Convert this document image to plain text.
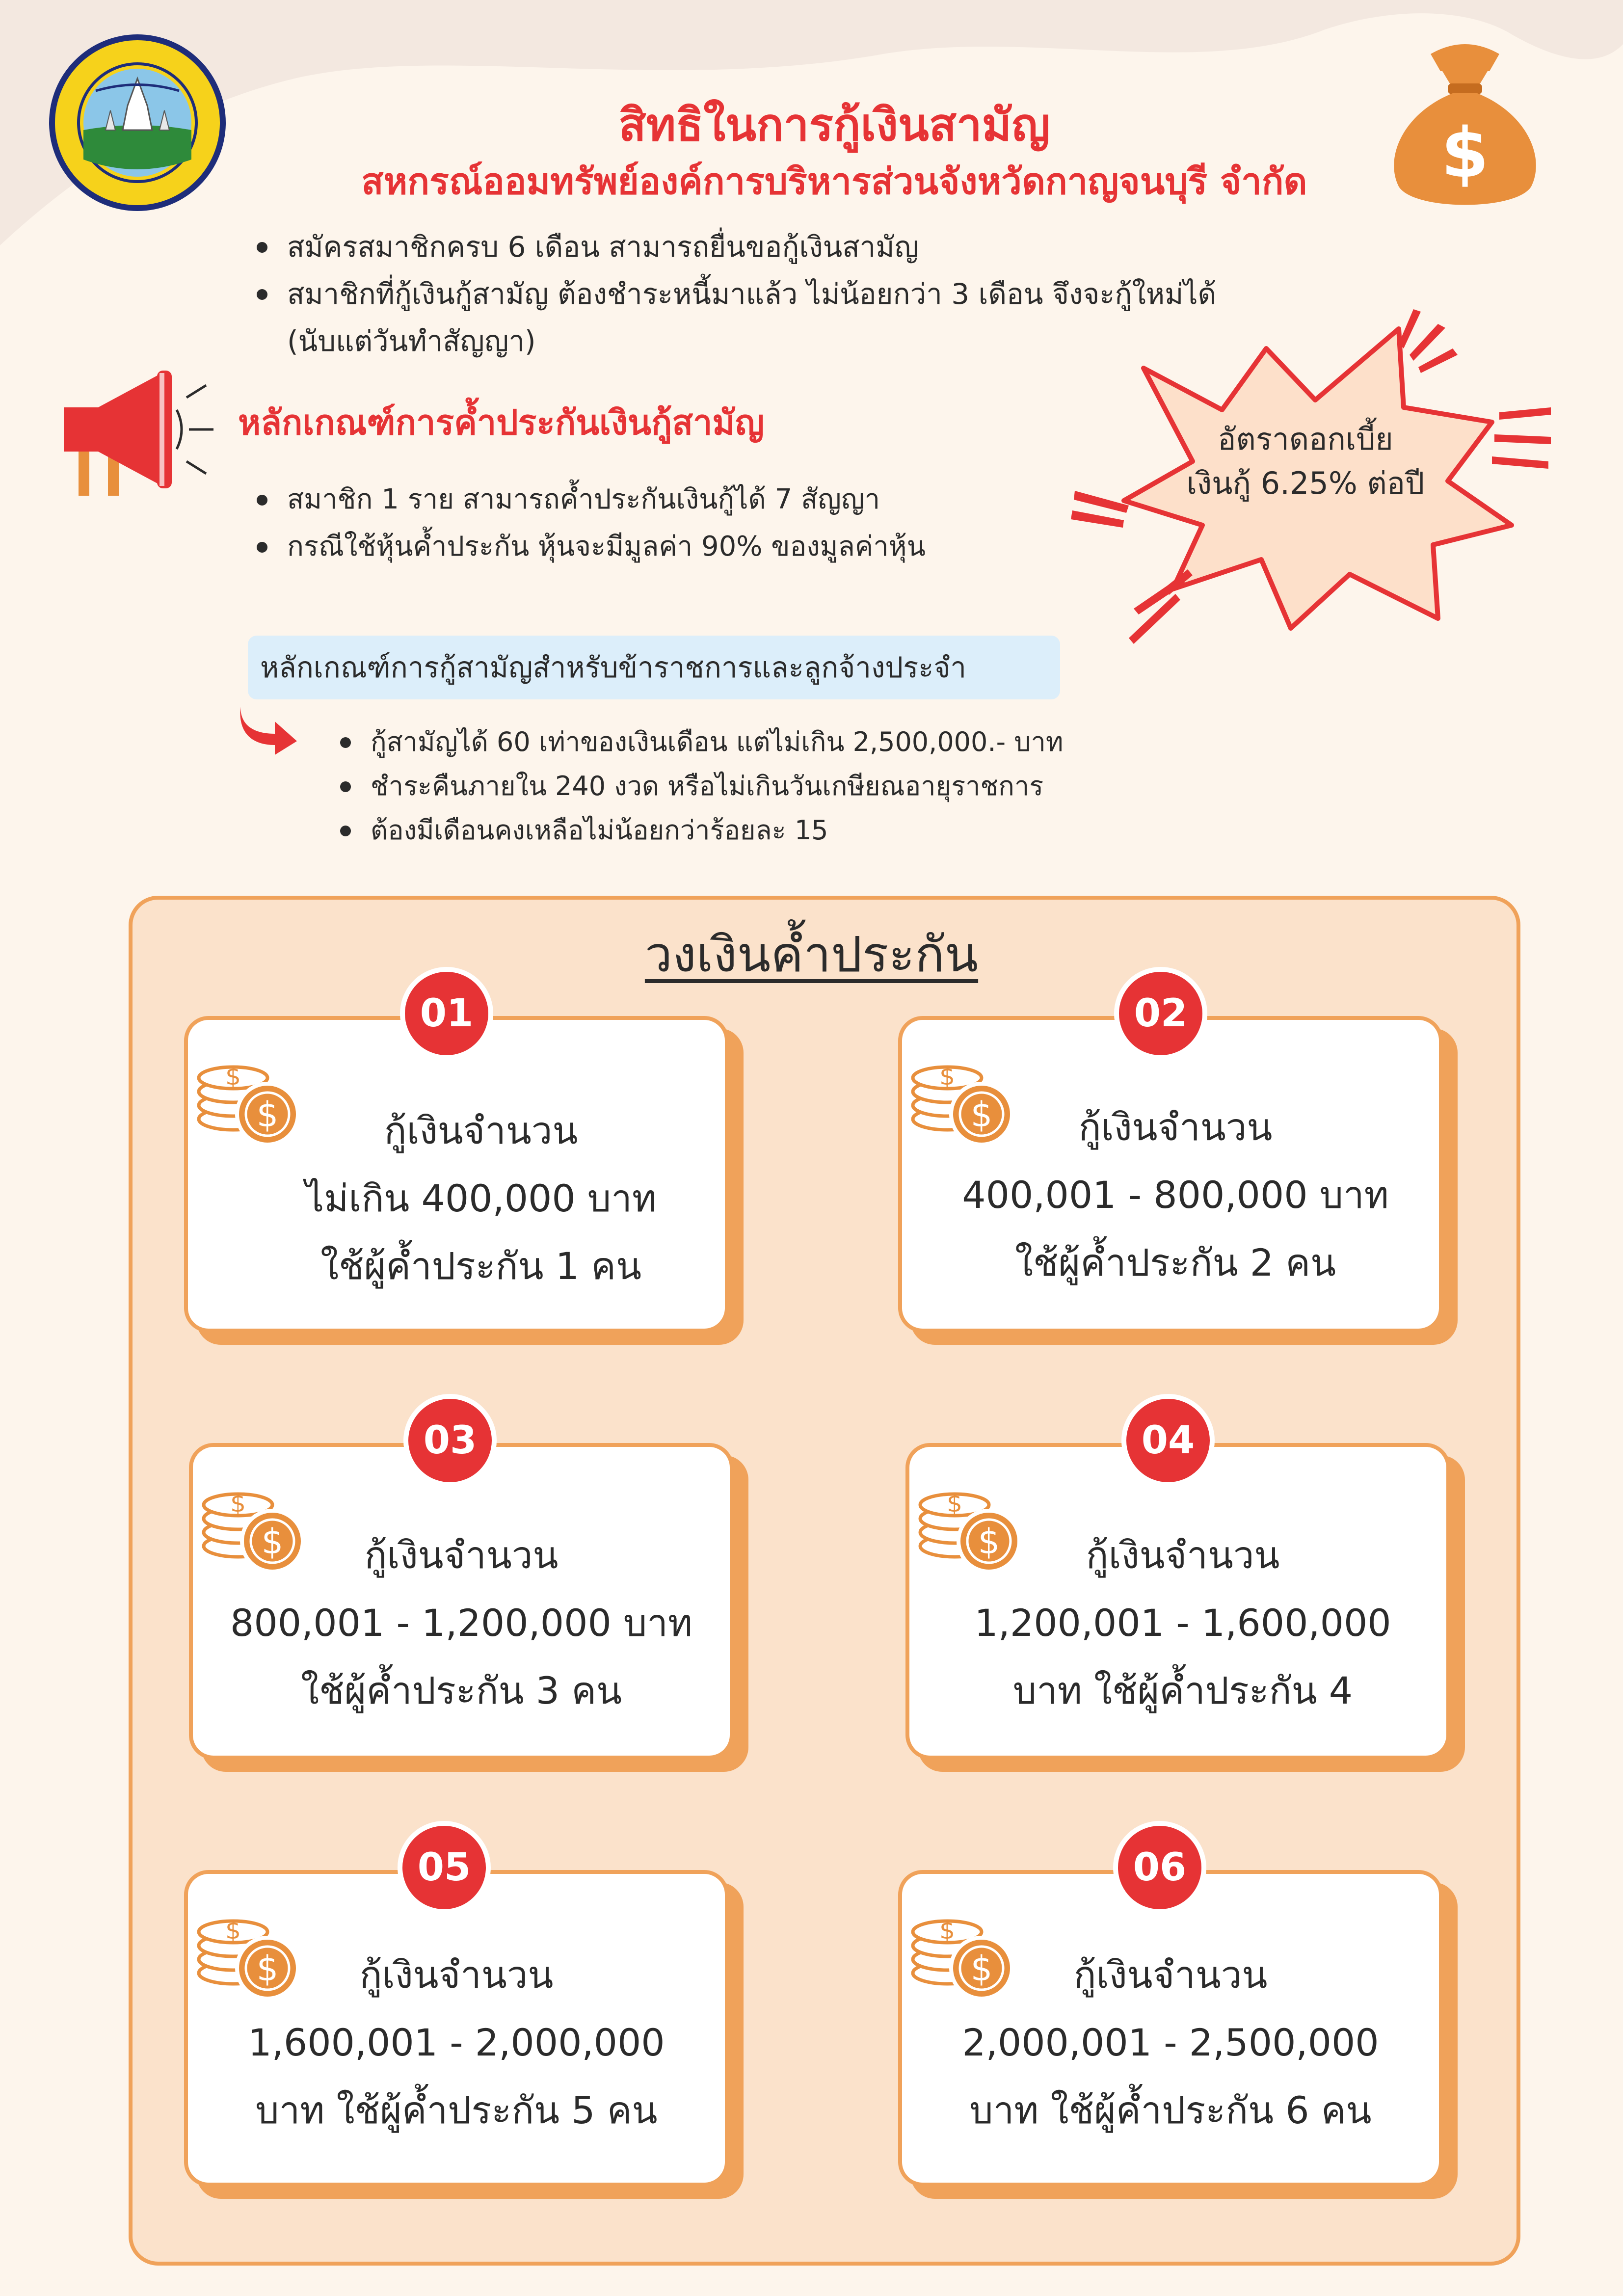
สิทธิในการกู้เงินสามัญ
สหกรณ์ออมทรัพย์องค์การบริหารส่วนจังหวัดกาญจนบุรี จำกัด	$
สมัครสมาชิกครบ 6 เดือน สามารถยื่นขอกู้เงินสามัญ
สมาชิกที่กู้เงินกู้สามัญ ต้องชำระหนี้มาแล้ว ไม่น้อยกว่า 3 เดือน จึงจะกู้ใหม่ได้
(นับแต่วันทำสัญญา)
หลักเกณฑ์การค้ำประกันเงินกู้สามัญ
สมาชิก 1 ราย สามารถค้ำประกันเงินกู้ได้ 7 สัญญา
กรณีใช้หุ้นค้ำประกัน หุ้นจะมีมูลค่า 90% ของมูลค่าหุ้น
อัตราดอกเบี้ย
เงินกู้ 6.25% ต่อปี
หลักเกณฑ์การกู้สามัญสำหรับข้าราชการและลูกจ้างประจำ
กู้สามัญได้ 60 เท่าของเงินเดือน แต่ไม่เกิน 2,500,000.- บาท
ชำระคืนภายใน 240 งวด หรือไม่เกินวันเกษียณอายุราชการ
ต้องมีเดือนคงเหลือไม่น้อยกว่าร้อยละ 15
วงเงินค้ำประกัน
กู้เงินจำนวน
ไม่เกิน 400,000 บาท
ใช้ผู้ค้ำประกัน 1 คน
01
กู้เงินจำนวน
400,001 - 800,000 บาท
ใช้ผู้ค้ำประกัน 2 คน
02
กู้เงินจำนวน
800,001 - 1,200,000 บาท
ใช้ผู้ค้ำประกัน 3 คน
03
กู้เงินจำนวน
1,200,001 - 1,600,000
บาท ใช้ผู้ค้ำประกัน 4
04
กู้เงินจำนวน
1,600,001 - 2,000,000
บาท ใช้ผู้ค้ำประกัน 5 คน
05
กู้เงินจำนวน
2,000,001 - 2,500,000
บาท ใช้ผู้ค้ำประกัน 6 คน
06
